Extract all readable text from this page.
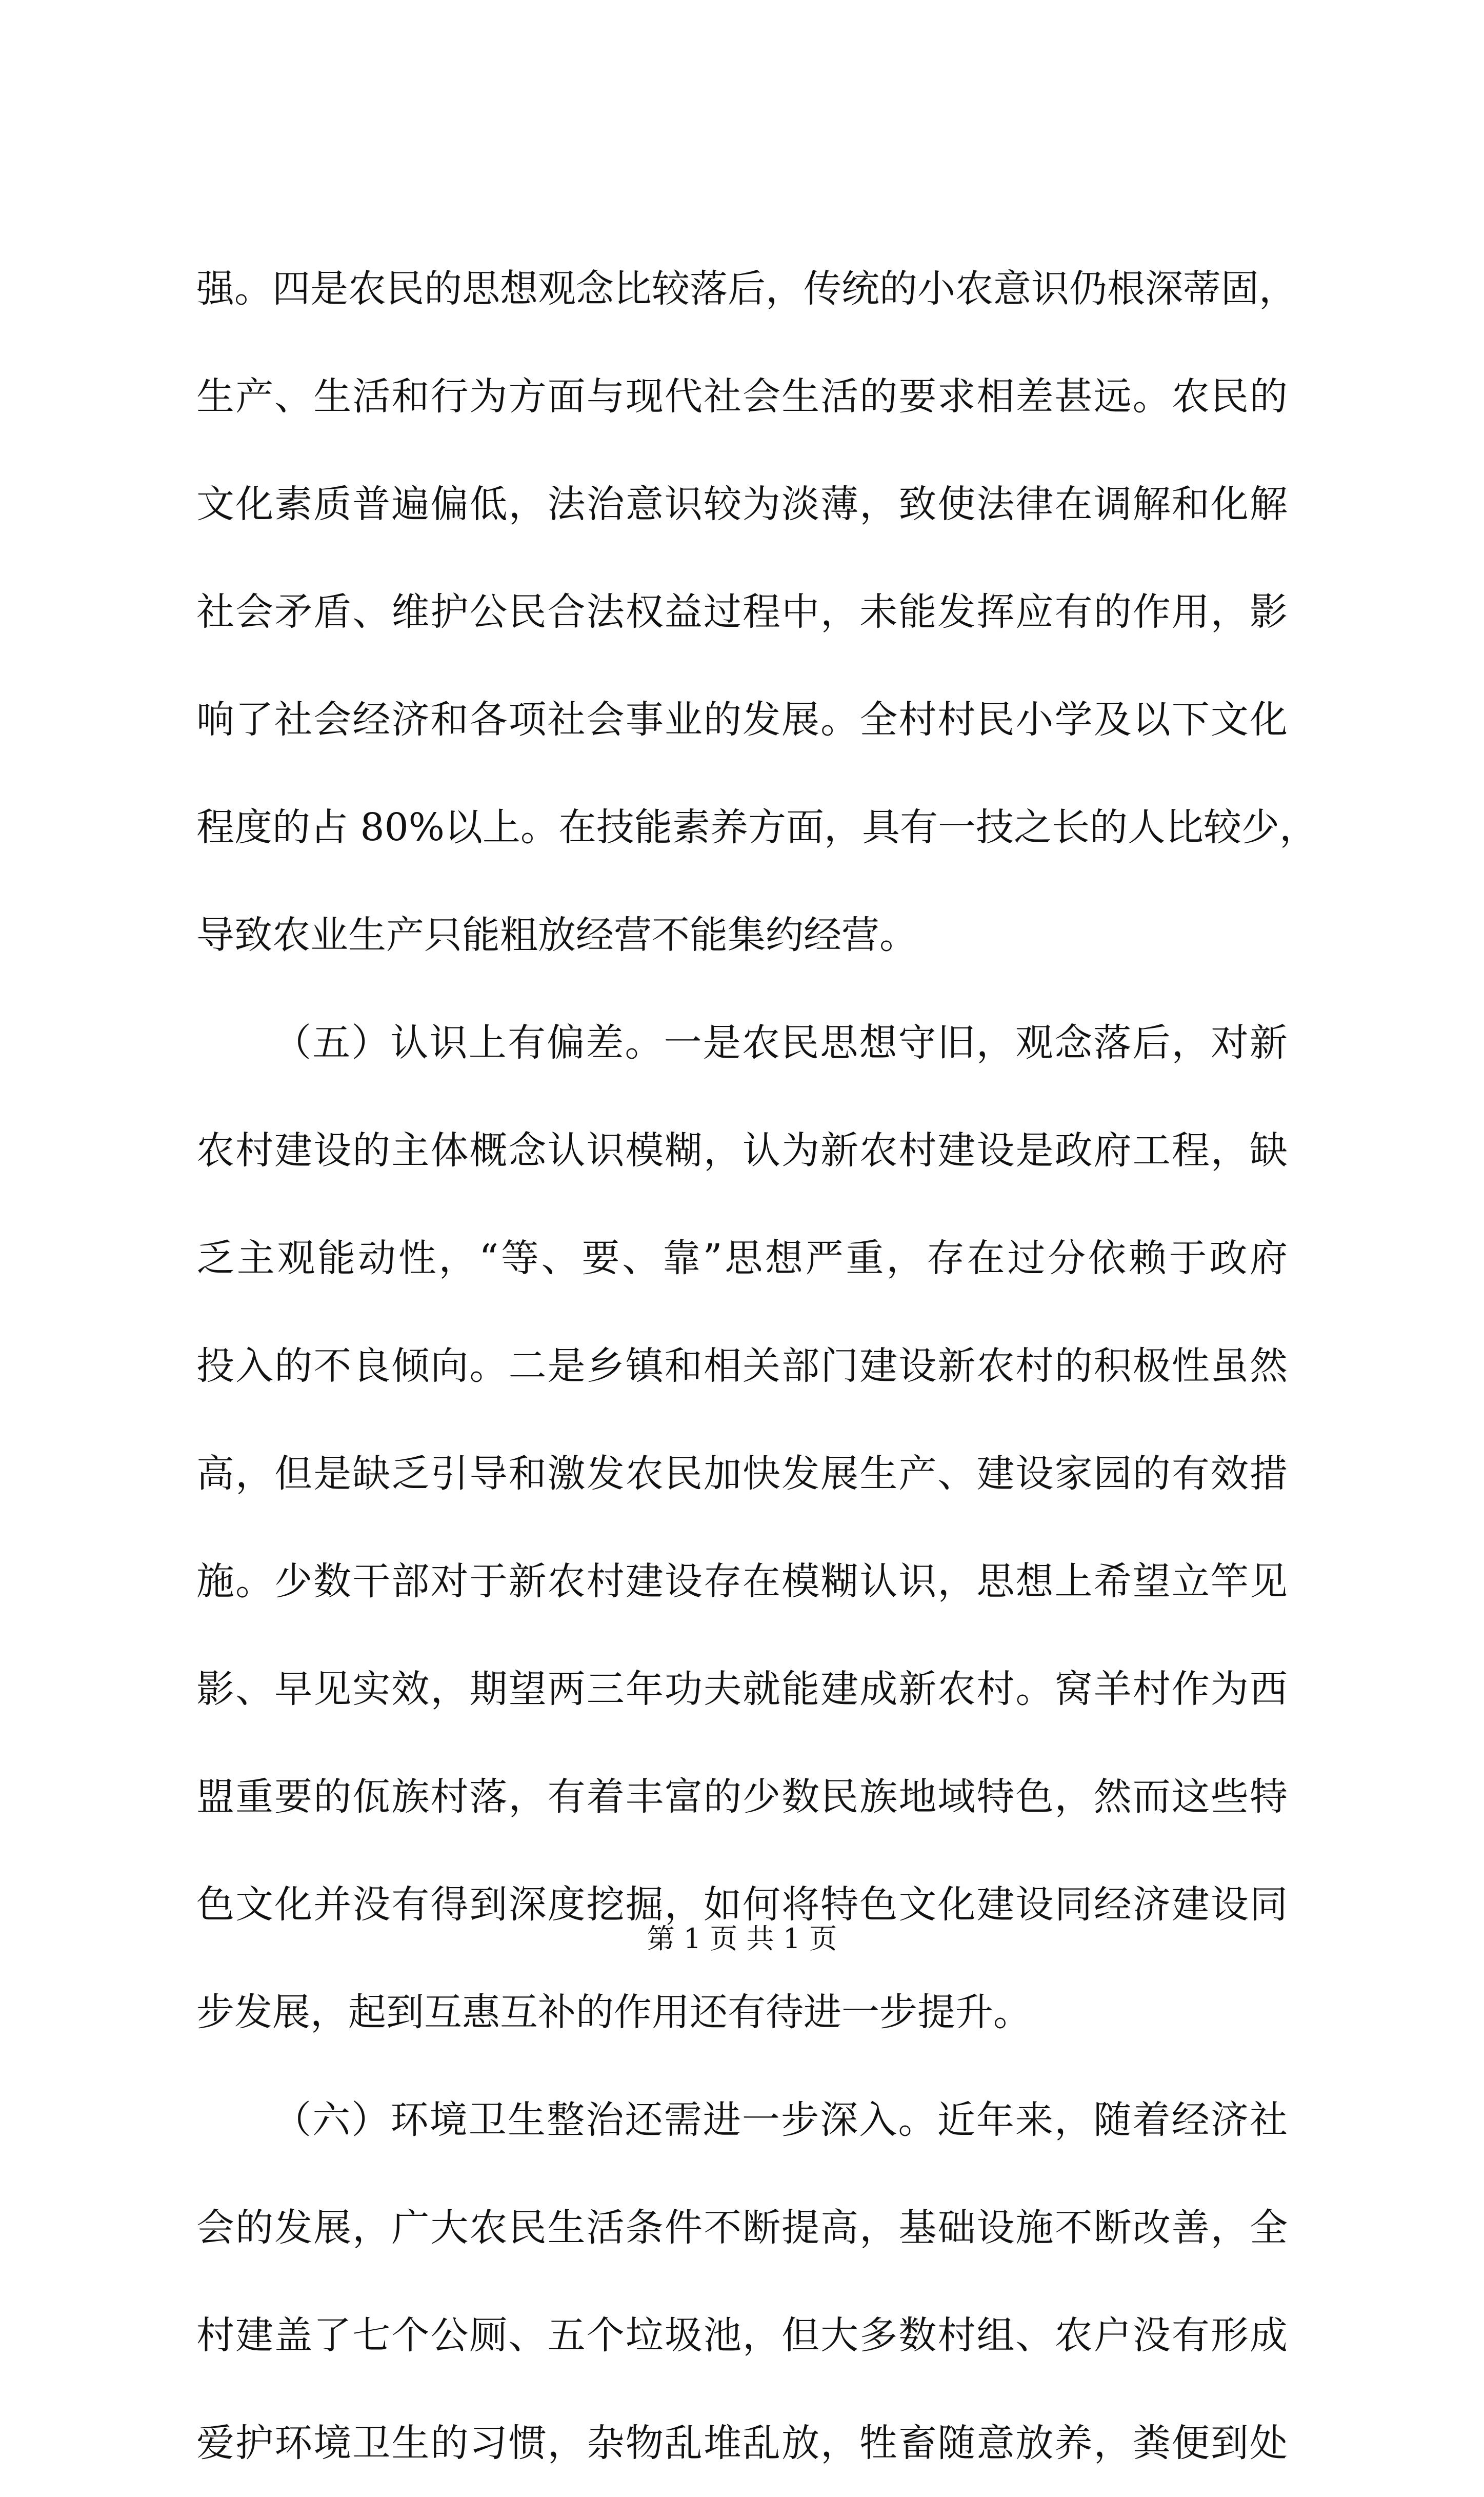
强。四是农民的思想观念比较落后，传统的小农意识仍根深蒂固，
生产、生活和行为方面与现代社会生活的要求相差甚远。农民的
文化素质普遍偏低，法治意识较为淡薄，致使法律在调解和化解
社会矛盾、维护公民合法权益过程中，未能发挥应有的作用，影
响了社会经济和各项社会事业的发展。全村村民小学及以下文化
程度的占 80%以上。在技能素养方面，具有一技之长的人比较少，
导致农业生产只能粗放经营不能集约经营。
（五）认识上有偏差。一是农民思想守旧，观念落后，对新
农村建设的主体概念认识模糊，认为新农村建设是政府工程，缺
乏主观能动性，“等、要、靠”思想严重，存在过分依赖于政府
投入的不良倾向。二是乡镇和相关部门建设新农村的积极性虽然
高，但是缺乏引导和激发农民加快发展生产、建设家园的有效措
施。少数干部对于新农村建设存在模糊认识，思想上希望立竿见
影、早见实效，期望两三年功夫就能建成新农村。窝羊村作为西
盟重要的佤族村落，有着丰富的少数民族地域特色，然而这些特
色文化并没有得到深度挖掘，如何将特色文化建设同经济建设同
步发展，起到互惠互补的作用还有待进一步提升。
（六）环境卫生整治还需进一步深入。近年来，随着经济社
会的发展，广大农民生活条件不断提高，基础设施不断改善，全
村建盖了七个公厕、五个垃圾池，但大多数村组、农户没有形成
爱护环境卫生的习惯，杂物乱堆乱放，牲畜随意放养，粪便到处
第 1 页 共 1 页
